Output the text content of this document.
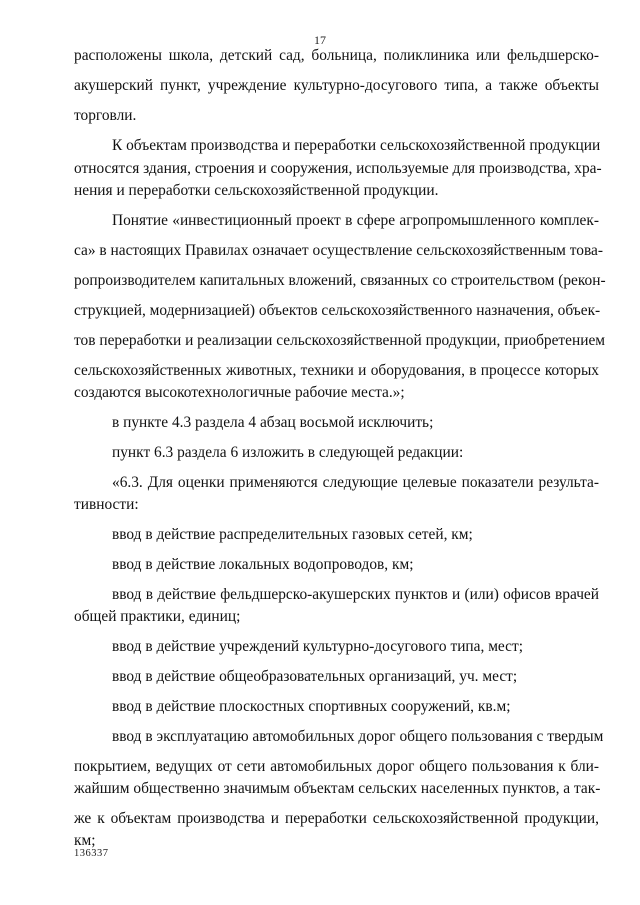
17

расположены школа, детский сад, больница, поликлиника или фельдшерско-

акушерский пункт, учреждение культурно-досугового типа, а также объекты

торговли.

К объектам производства и переработки сельскохозяйственной продукции

относятся здания, строения и сооружения, используемые для производства, хра-

нения и переработки сельскохозяйственной продукции.

Понятие «инвестиционный проект в сфере агропромышленного комплек-

са» в настоящих Правилах означает осуществление сельскохозяйственным това-

ропроизводителем капитальных вложений, связанных со строительством (рекон-

струкцией, модернизацией) объектов сельскохозяйственного назначения, объек-

тов переработки и реализации сельскохозяйственной продукции, приобретением

сельскохозяйственных животных, техники и оборудования, в процессе которых

создаются высокотехнологичные рабочие места.»;

в пункте 4.3 раздела 4 абзац восьмой исключить;

пункт 6.3 раздела 6 изложить в следующей редакции:

«6.3. Для оценки применяются следующие целевые показатели результа-

тивности:

ввод в действие распределительных газовых сетей, км;

ввод в действие локальных водопроводов, км;

ввод в действие фельдшерско-акушерских пунктов и (или) офисов врачей

общей практики, единиц;

ввод в действие учреждений культурно-досугового типа, мест;

ввод в действие общеобразовательных организаций, уч. мест;

ввод в действие плоскостных спортивных сооружений, кв.м;

ввод в эксплуатацию автомобильных дорог общего пользования с твердым

покрытием, ведущих от сети автомобильных дорог общего пользования к бли-

жайшим общественно значимым объектам сельских населенных пунктов, а так-

же к объектам производства и переработки сельскохозяйственной продукции,

км;

136337
